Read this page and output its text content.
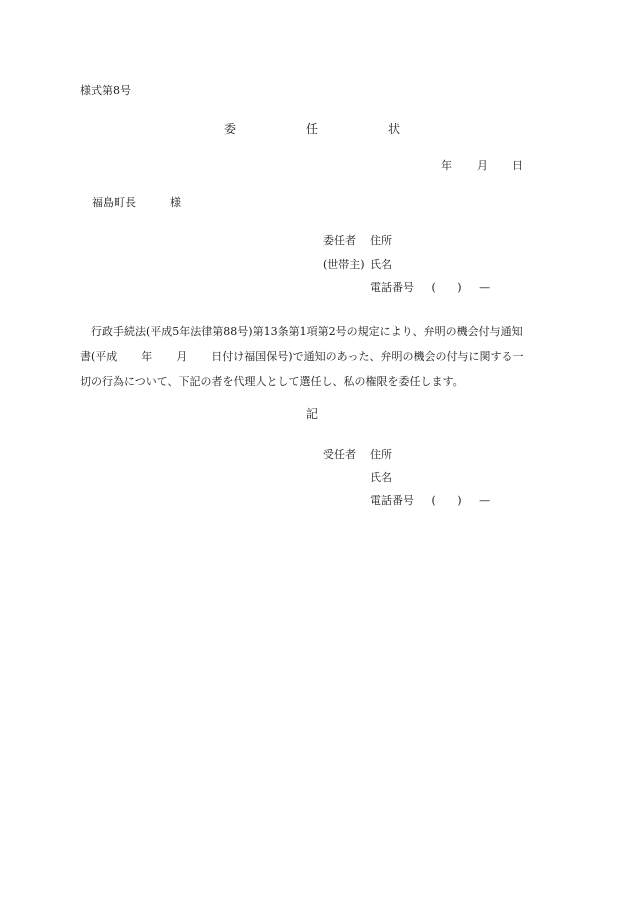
様式第8号
委	任	状
年 月 日
福島町長	様
委任者 住所
(世帯主) 氏名
電話番号 ( ) —
行政手続法(平成5年法律第88号)第13条第1項第2号の規定により、弁明の機会付与通知
書(平成 年 月 日付け福国保号)で通知のあった、弁明の機会の付与に関する一
切の行為について、下記の者を代理人として選任し、私の権限を委任します。
記
受任者 住所
氏名
電話番号 ( ) —
